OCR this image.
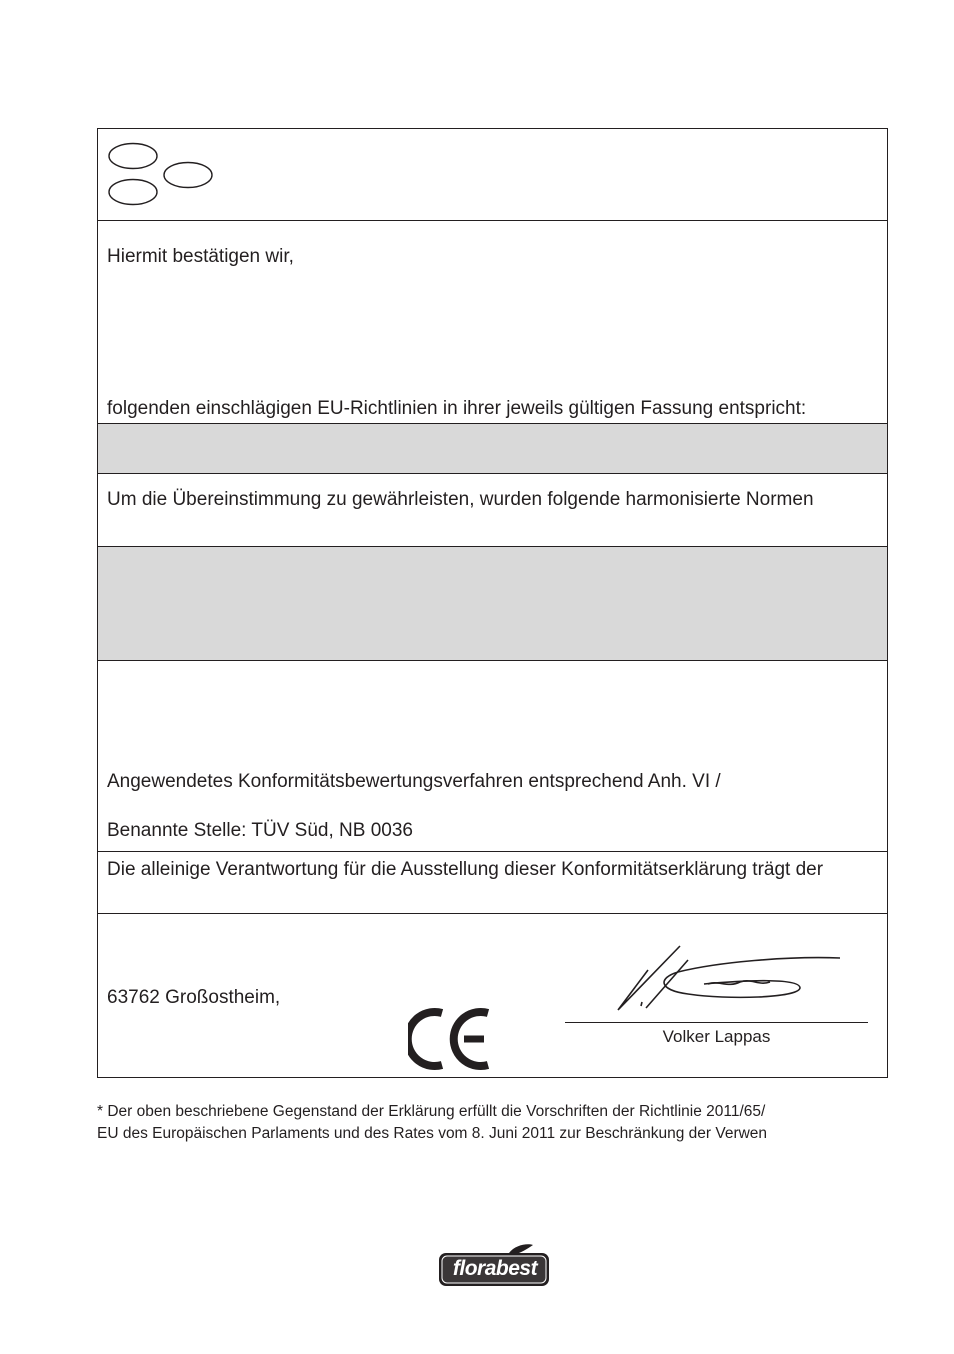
Hiermit bestätigen wir,
folgenden einschlägigen EU-Richtlinien in ihrer jeweils gültigen Fassung entspricht:
Um die Übereinstimmung zu gewährleisten, wurden folgende harmonisierte Normen
Angewendetes Konformitätsbewertungsverfahren entsprechend Anh. VI /
Benannte Stelle: TÜV Süd, NB 0036
Die alleinige Verantwortung für die Ausstellung dieser Konformitätserklärung trägt der
63762 Großostheim,
Volker Lappas
* Der oben beschriebene Gegenstand der Erklärung erfüllt die Vorschriften der Richtlinie 2011/65/
EU des Europäischen Parlaments und des Rates vom 8. Juni 2011 zur Beschränkung der Verwen
florabest
